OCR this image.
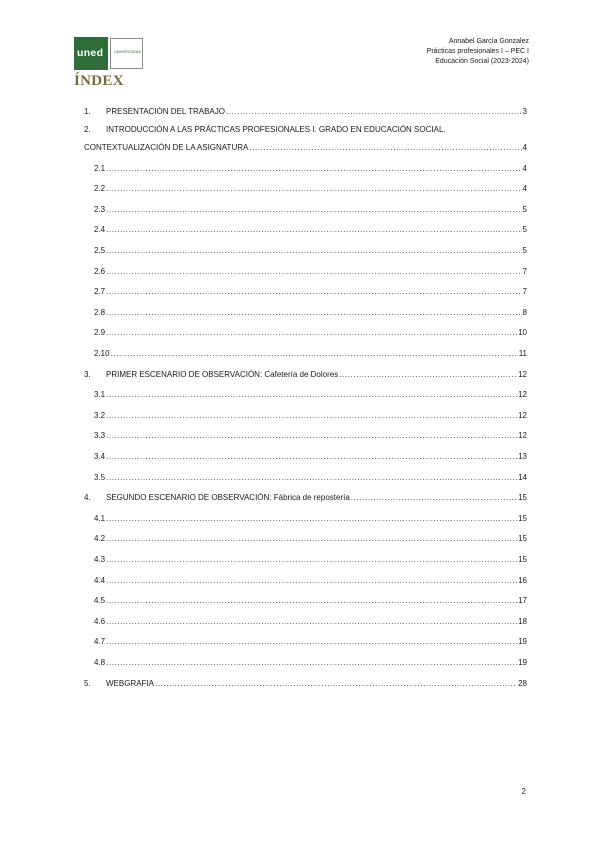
uned	UNIVERSIDAD
Annabel García Gonzalez
Prácticas profesionales I – PEC I
Educación Social (2023-2024)
ÍNDEX
1. PRESENTACIÓN DEL TRABAJO .....	3
2. INTRODUCCIÓN A LAS PRÁCTICAS PROFESIONALES I. GRADO EN EDUCACIÓN SOCIAL.
CONTEXTUALIZACIÓN DE LA ASIGNATURA .....	4
2.1 .....	4
2.2 .....	4
2.3 .....	5
2.4 .....	5
2.5 .....	5
2.6 .....	7
2.7 .....	7
2.8 .....	8
2.9 .....	10
2.10 .....	11
3. PRIMER ESCENARIO DE OBSERVACIÓN: Cafetería de Dolores .....	12
3.1 .....	12
3.2 .....	12
3.3 .....	12
3.4 .....	13
3.5 .....	14
4. SEGUNDO ESCENARIO DE OBSERVACIÓN: Fábrica de repostería .....	15
4.1 .....	15
4.2 .....	15
4.3 .....	15
4.4 .....	16
4.5 .....	17
4.6 .....	18
4.7 .....	19
4.8 .....	19
5. WEBGRAFIA .....	28
2
